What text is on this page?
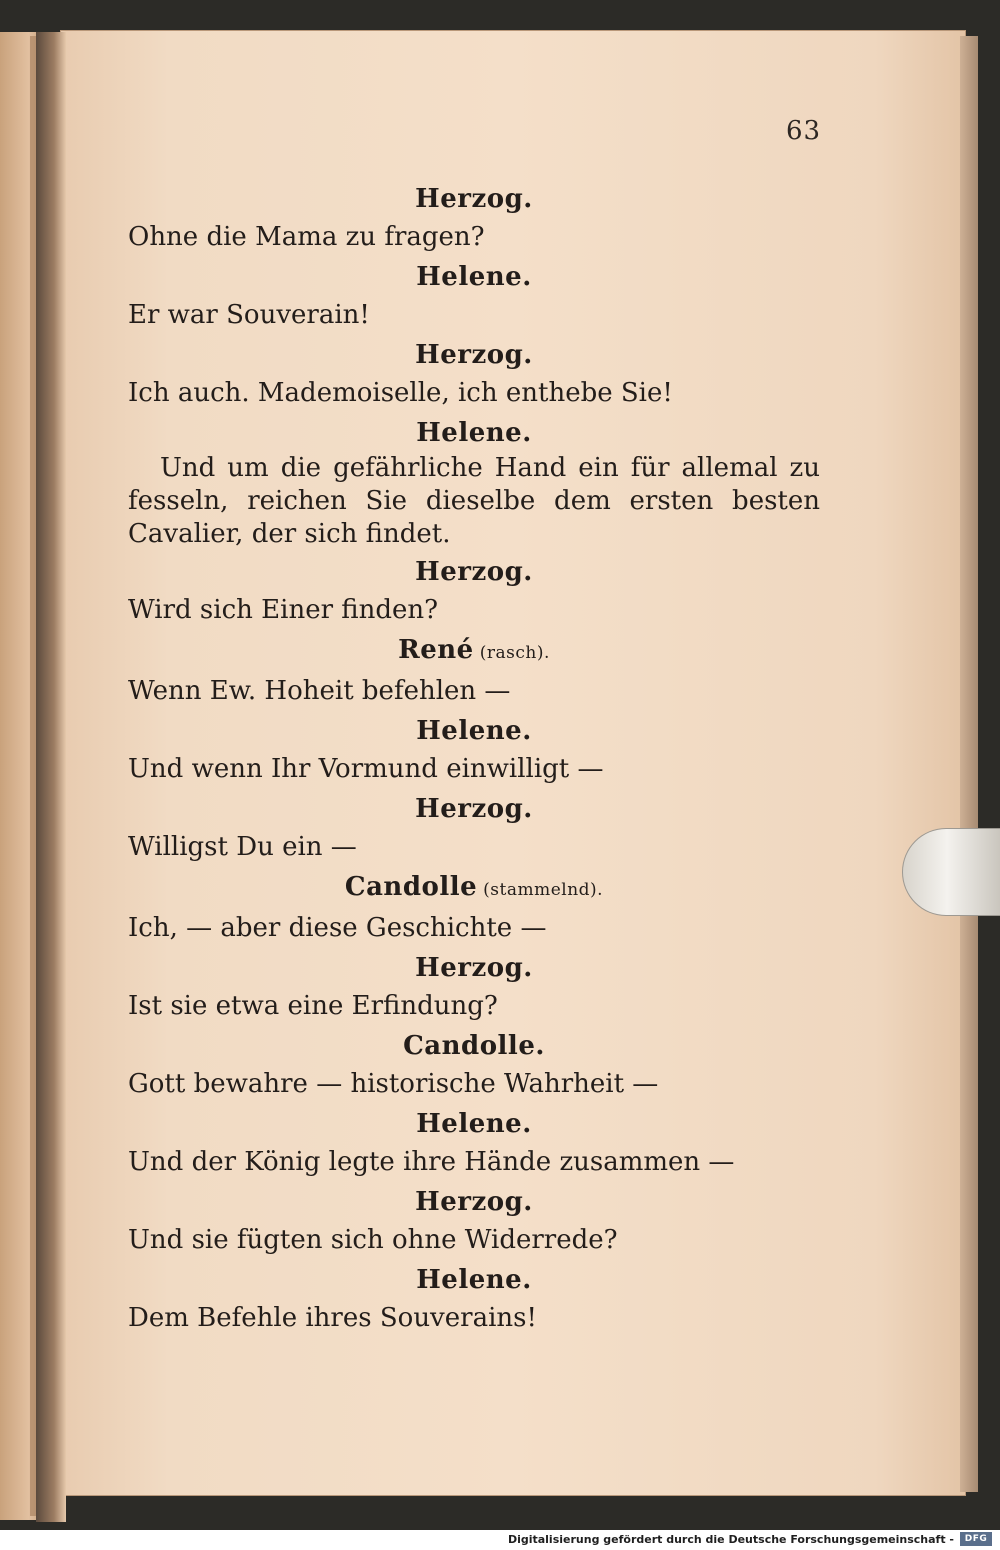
63
Herzog.
Ohne die Mama zu fragen?
Helene.
Er war Souverain!
Herzog.
Ich auch. Mademoiselle, ich enthebe Sie!
Helene.
Und um die gefährliche Hand ein für allemal zu fesseln, reichen Sie dieselbe dem ersten besten Cavalier, der sich findet.
Herzog.
Wird sich Einer finden?
René (rasch).
Wenn Ew. Hoheit befehlen —
Helene.
Und wenn Ihr Vormund einwilligt —
Herzog.
Willigst Du ein —
Candolle (stammelnd).
Ich, — aber diese Geschichte —
Herzog.
Ist sie etwa eine Erfindung?
Candolle.
Gott bewahre — historische Wahrheit —
Helene.
Und der König legte ihre Hände zusammen —
Herzog.
Und sie fügten sich ohne Widerrede?
Helene.
Dem Befehle ihres Souverains!
Digitalisierung gefördert durch die Deutsche Forschungsgemeinschaft -	DFG
